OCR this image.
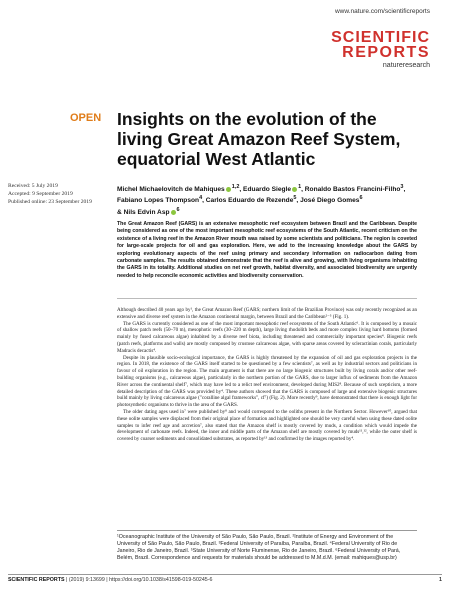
www.nature.com/scientificreports
SCIENTIFIC
REPORTS
natureresearch
OPEN Insights on the evolution of the living Great Amazon Reef System, equatorial West Atlantic
Received: 5 July 2019
Accepted: 9 September 2019
Published online: 23 September 2019
Michel Michaelovitch de Mahiques $^{1,2}$, Eduardo Siegle $^1$, Ronaldo Bastos Francini-Filho$^3$, Fabiano Lopes Thompson$^4$, Carlos Eduardo de Rezende$^5$, José Diego Gomes$^6$
& Nils Edvin Asp $^6$
The Great Amazon Reef (GARS) is an extensive mesophotic reef ecosystem between Brazil and the Caribbean. Despite being considered as one of the most important mesophotic reef ecosystems of the South Atlantic, recent criticism on the existence of a living reef in the Amazon River mouth was raised by some scientists and politicians. The region is coveted for large-scale projects for oil and gas exploration. Here, we add to the increasing knowledge about the GARS by exploring evolutionary aspects of the reef using primary and secondary information on radiocarbon dating from carbonate samples. The results obtained demonstrate that the reef is alive and growing, with living organisms inhabiting the GARS in its totality. Additional studies on net reef growth, habitat diversity, and associated biodiversity are urgently needed to help reconcile economic activities and biodiversity conservation.

Although described 40 years ago by¹, the Great Amazon Reef (GARS; northern limit of the Brazilian Province) was only recently recognized as an extensive and diverse reef system in the Amazon continental margin, between Brazil and the Caribbean²⁻⁵ (Fig. 1).

The GARS is currently considered as one of the most important mesophotic reef ecosystems of the South Atlantic⁶. It is composed by a mosaic of shallow patch reefs (50–70 m), mesophotic reefs (30–220 m depth), large living rhodolith beds and more complex living hard bottoms (formed mainly by fused calcareous algae) inhabited by a diverse reef biota, including threatened and commercially important species⁴. Biogenic reefs (patch reefs, platforms and walls) are mostly composed by crustose calcareous algae, with sparse areas covered by scleractinian corals, particularly Madracis decactis⁴.

Despite its plausible socio-ecological importance, the GARS is highly threatened by the expansion of oil and gas exploration projects in the region. In 2018, the existence of the GARS itself started to be questioned by a few scientists⁷, as well as by industrial sectors and politicians in favour of oil exploration in the region. The main argument is that there are no large biogenic structures built by living corals and/or other reef-building organisms (e.g., calcareous algae), particularly in the northern portion of the GARS, due to larger influx of sediments from the Amazon River across the continental shelf⁷, which may have led to a relict reef environment, developed during MIS2⁸. Because of such scepticism, a more detailed description of the GARS was provided by⁴. These authors showed that the GARS is composed of large and extensive biogenic structures build mainly by living calcareous algae ("coralline algal frameworks", cf⁷) (Fig. 2). More recently⁹, have demonstrated that there is enough light for photosynthetic organisms to thrive in the area of the GARS.

The older dating ages used in⁷ were published by⁸ and would correspond to the ooliths present in the Northern Sector. However¹⁰, argued that these oolite samples were displaced from their original place of formation and highlighted one should be very careful when using these dated oolite samples to infer reef age and accretion⁷, also stated that the Amazon shelf is mostly covered by muds, a condition which would impede the development of carbonate reefs. Indeed, the inner and middle parts of the Amazon shelf are mostly covered by muds¹¹,¹², while the outer shelf is covered by coarser sediments and consolidated substrates, as reported by¹³ and confirmed by the images reported by⁴.

¹Oceanographic Institute of the University of São Paulo, São Paulo, Brazil. ²Institute of Energy and Environment of the University of São Paulo, São Paulo, Brazil. ³Federal University of Paraíba, Paraíba, Brazil. ⁴Federal University of Rio de Janeiro, Rio de Janeiro, Brazil. ⁵State University of Norte Fluminense, Rio de Janeiro, Brazil. ⁶Federal University of Pará, Belém, Brazil. Correspondence and requests for materials should be addressed to M.M.d.M. (email: mahiques@usp.br)
SCIENTIFIC REPORTS | (2019) 9:13699 | https://doi.org/10.1038/s41598-019-50245-6	1
